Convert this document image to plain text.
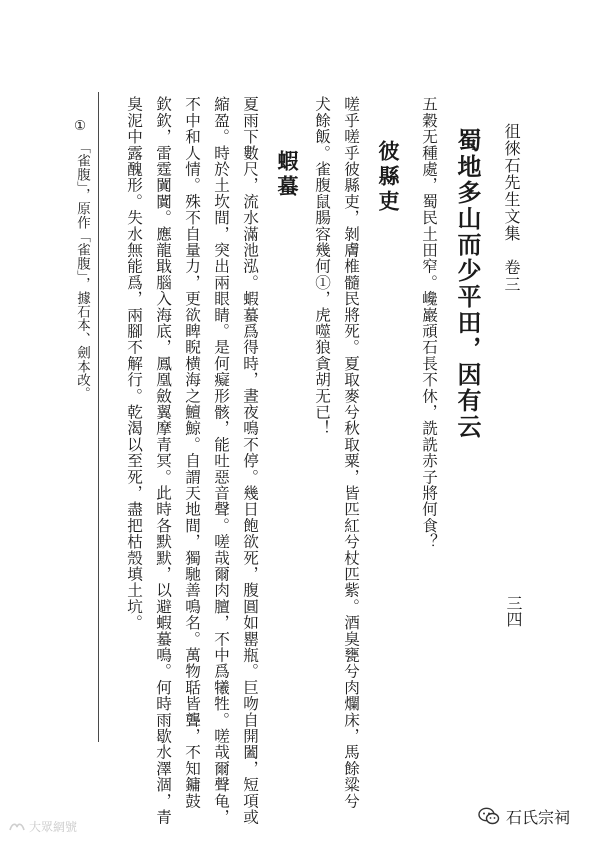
徂徠石先生文集　卷三
三四
蜀地多山而少平田，因有云
五穀无種處，蜀民土田窄。巉巖頑石長不休，詵詵赤子將何食？
彼縣吏
嗟乎嗟乎彼縣吏，剝膚椎髓民將死。夏取麥兮秋取粟，皆匹紅兮杖匹紫。酒臭甕兮肉爛床，馬餘粱兮
犬餘飯。雀腹鼠腸容幾何①，虎噬狼貪胡无已！
蝦蟇
夏雨下數尺，流水滿池泓。蝦蟇爲得時，晝夜鳴不停。幾日飽欲死，腹圓如罌瓶。巨吻自開闔，短項或
縮盈。時於土坎間，突出兩眼睛。是何癡形骸，能吐惡音聲。嗟哉爾肉膻，不中爲犧牲。嗟哉爾聲龟，
不中和人情。殊不自量力，更欲睥睨横海之鱣鯨。自謂天地間，獨馳善鳴名。萬物聒皆聾，不知鏞鼓
欽欽，雷霆闐闐。應龍戢腦入海底，鳳凰斂翼摩青冥。此時各默默，以避蝦蟇鳴。何時雨歇水澤涸，青
臭泥中露醜形。失水無能爲，兩腳不解行。乾渴以至死，盡把枯殼填土坑。
①
「雀腹」，原作「雀腹」，據石本、劍本改。
石氏宗祠
大眾網號
